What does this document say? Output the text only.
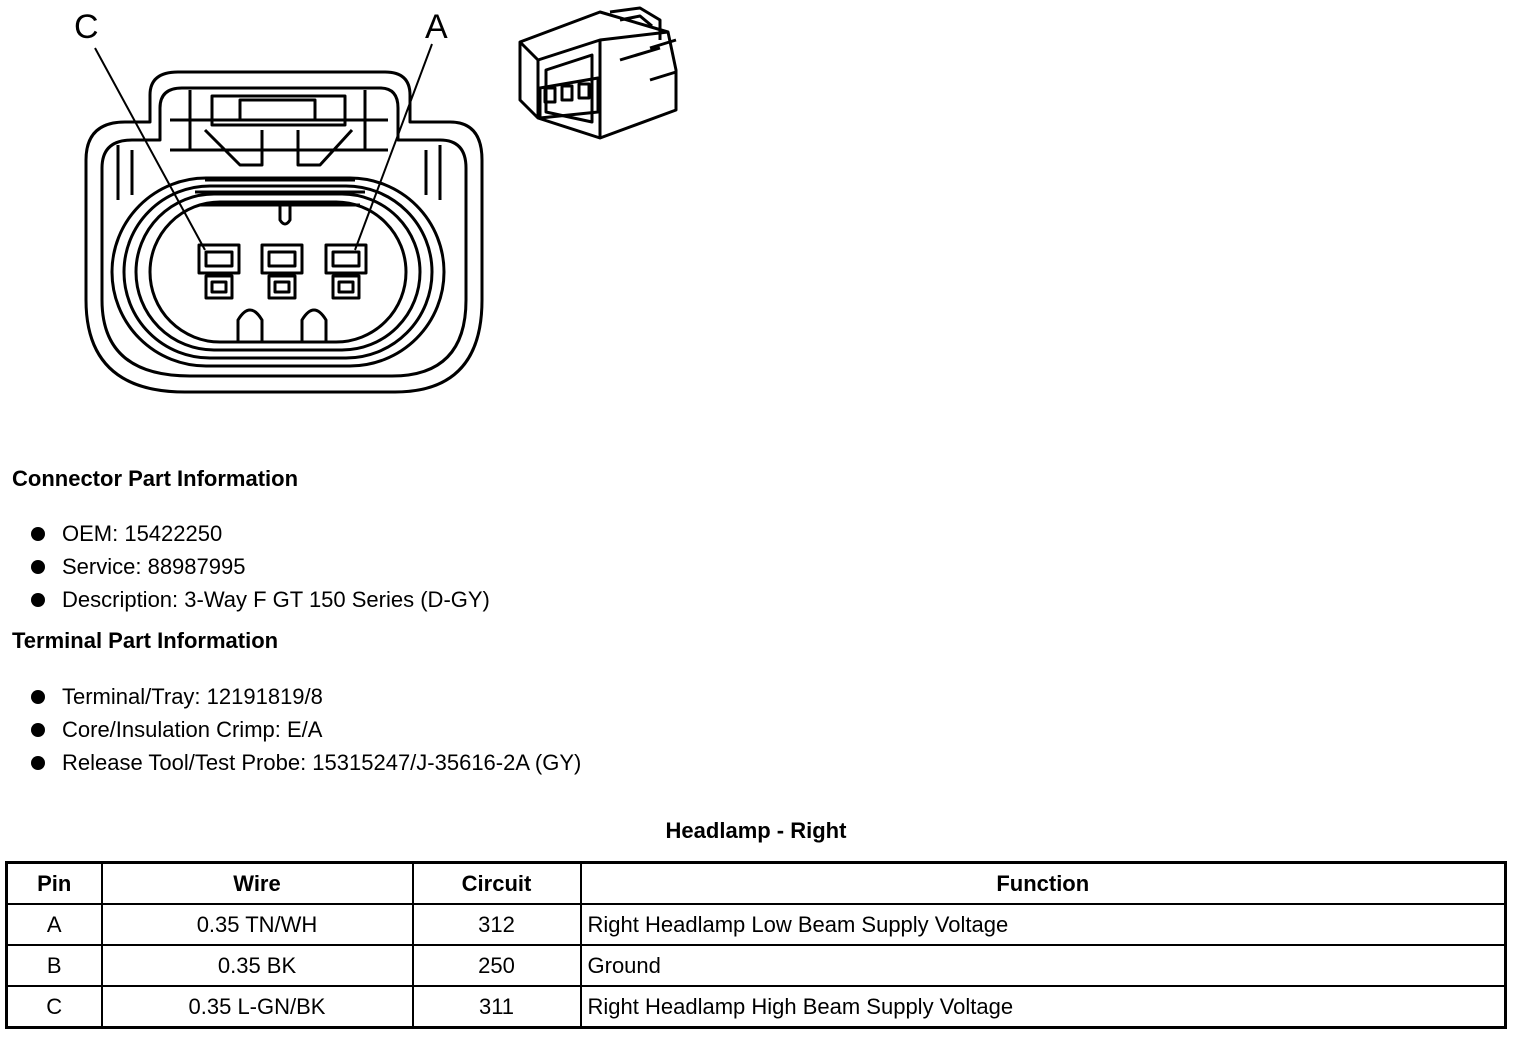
C	A
Connector Part Information
OEM: 15422250
Service: 88987995
Description: 3-Way F GT 150 Series (D-GY)
Terminal Part Information
Terminal/Tray: 12191819/8
Core/Insulation Crimp: E/A
Release Tool/Test Probe: 15315247/J-35616-2A (GY)
Headlamp - Right
Pin	Wire	Circuit	Function
A	0.35 TN/WH	312	Right Headlamp Low Beam Supply Voltage
B	0.35 BK	250	Ground
C	0.35 L-GN/BK	311	Right Headlamp High Beam Supply Voltage
